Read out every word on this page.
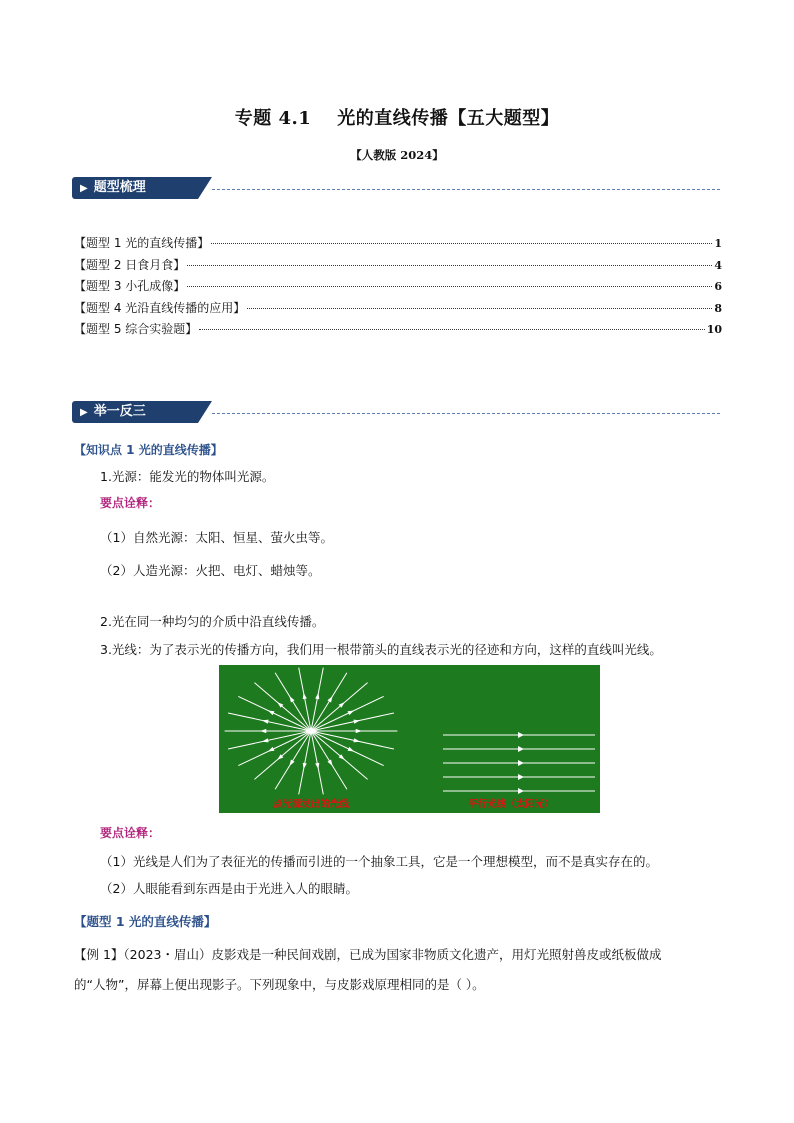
专题 4.1 光的直线传播【五大题型】
【人教版 2024】
▶ 题型梳理
【题型 1 光的直线传播】	1
【题型 2 日食月食】	4
【题型 3 小孔成像】	6
【题型 4 光沿直线传播的应用】	8
【题型 5 综合实验题】	10
▶ 举一反三
【知识点 1 光的直线传播】
1.光源：能发光的物体叫光源。
要点诠释：
（1）自然光源：太阳、恒星、萤火虫等。
（2）人造光源：火把、电灯、蜡烛等。
2.光在同一种均匀的介质中沿直线传播。
3.光线：为了表示光的传播方向，我们用一根带箭头的直线表示光的径迹和方向，这样的直线叫光线。
点光源发出的光线	平行光线（太阳光）
要点诠释：
（1）光线是人们为了表征光的传播而引进的一个抽象工具，它是一个理想模型，而不是真实存在的。
（2）人眼能看到东西是由于光进入人的眼睛。
【题型 1 光的直线传播】
【例 1】（2023・眉山）皮影戏是一种民间戏剧，已成为国家非物质文化遗产，用灯光照射兽皮或纸板做成
的“人物”，屏幕上便出现影子。下列现象中，与皮影戏原理相同的是（ ）。
